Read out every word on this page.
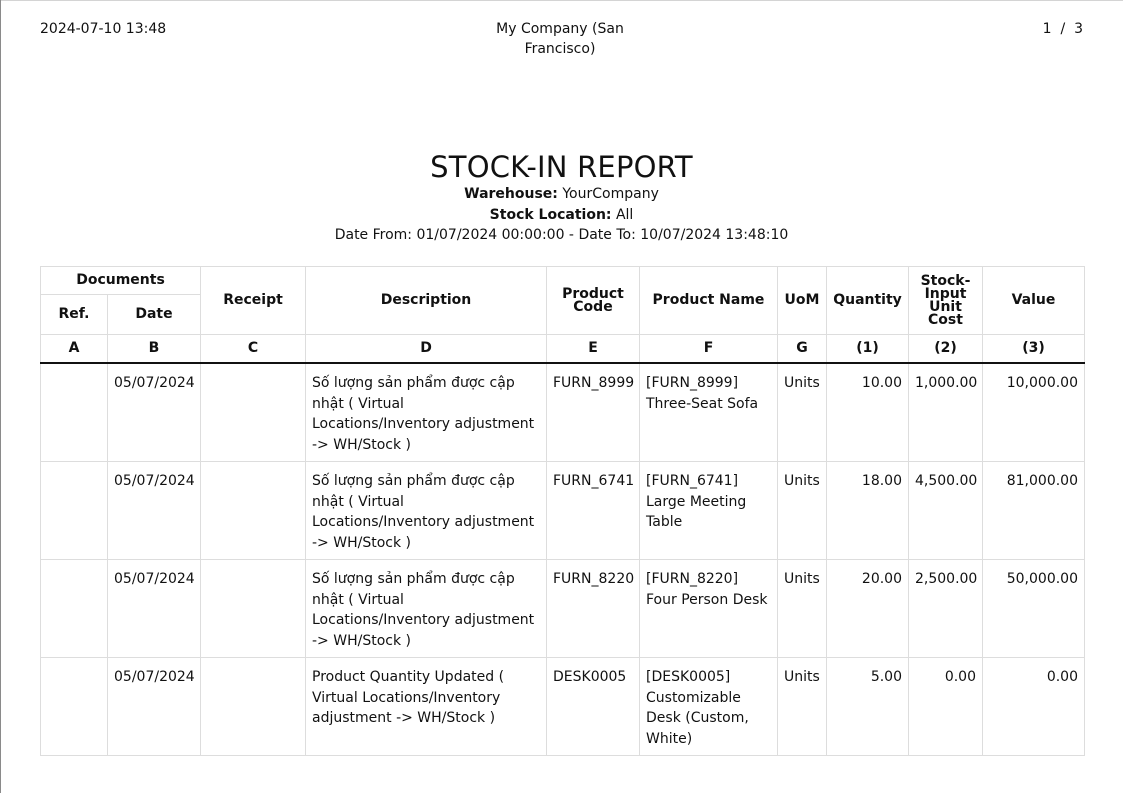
2024-07-10 13:48	My Company (San Francisco)
1 / 3
STOCK-IN REPORT
Warehouse: YourCompany
Stock Location: All
Date From: 01/07/2024 00:00:00 - Date To: 10/07/2024 13:48:10
Documents		Receipt	Description	Product Code	Product Name	UoM	Quantity	Stock-Input Unit Cost	Value
Ref.	Date								
A	B	C	D	E	F	G	(1)	(2)	(3)
	05/07/2024		Số lượng sản phẩm được cập nhật ( Virtual Locations/Inventory adjustment -> WH/Stock )	FURN_8999	[FURN_8999] Three-Seat Sofa	Units	10.00	1,000.00	10,000.00
	05/07/2024		Số lượng sản phẩm được cập nhật ( Virtual Locations/Inventory adjustment -> WH/Stock )	FURN_6741	[FURN_6741] Large Meeting Table	Units	18.00	4,500.00	81,000.00
	05/07/2024		Số lượng sản phẩm được cập nhật ( Virtual Locations/Inventory adjustment -> WH/Stock )	FURN_8220	[FURN_8220] Four Person Desk	Units	20.00	2,500.00	50,000.00
	05/07/2024		Product Quantity Updated ( Virtual Locations/Inventory adjustment -> WH/Stock )	DESK0005	[DESK0005] Customizable Desk (Custom, White)	Units	5.00	0.00	0.00
